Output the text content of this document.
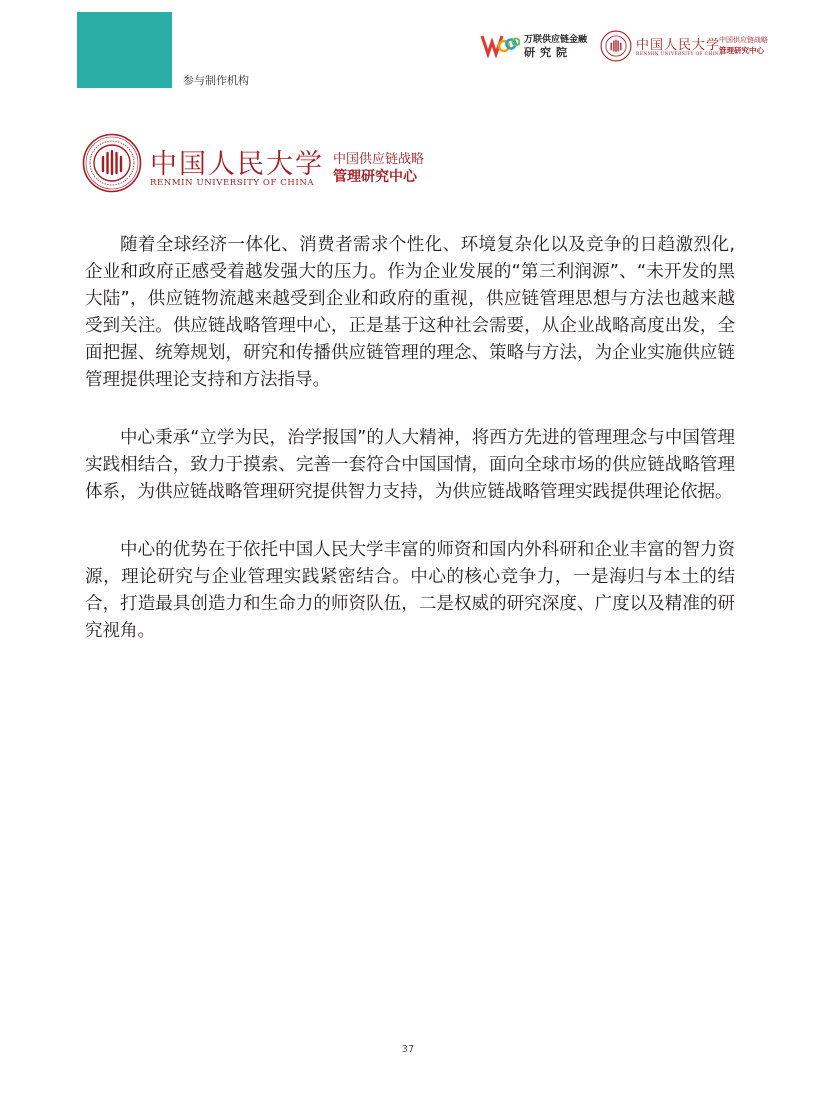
参与制作机构
万联供应链金融
研究院	中国人民大学
RENMIN UNIVERSITY OF CHINA
中国供应链战略
管理研究中心
中国人民大学
RENMIN UNIVERSITY OF CHINA
中国供应链战略
管理研究中心

随着全球经济一体化、消费者需求个性化、环境复杂化以及竞争的日趋激烈化,企业和政府正感受着越发强大的压力。作为企业发展的“第三利润源”、“未开发的黑大陆”，供应链物流越来越受到企业和政府的重视，供应链管理思想与方法也越来越受到关注。供应链战略管理中心，正是基于这种社会需要，从企业战略高度出发，全面把握、统筹规划，研究和传播供应链管理的理念、策略与方法，为企业实施供应链管理提供理论支持和方法指导。

中心秉承“立学为民，治学报国”的人大精神，将西方先进的管理理念与中国管理实践相结合，致力于摸索、完善一套符合中国国情，面向全球市场的供应链战略管理体系，为供应链战略管理研究提供智力支持，为供应链战略管理实践提供理论依据。

中心的优势在于依托中国人民大学丰富的师资和国内外科研和企业丰富的智力资源，理论研究与企业管理实践紧密结合。中心的核心竞争力，一是海归与本土的结合，打造最具创造力和生命力的师资队伍，二是权威的研究深度、广度以及精准的研究视角。

37
